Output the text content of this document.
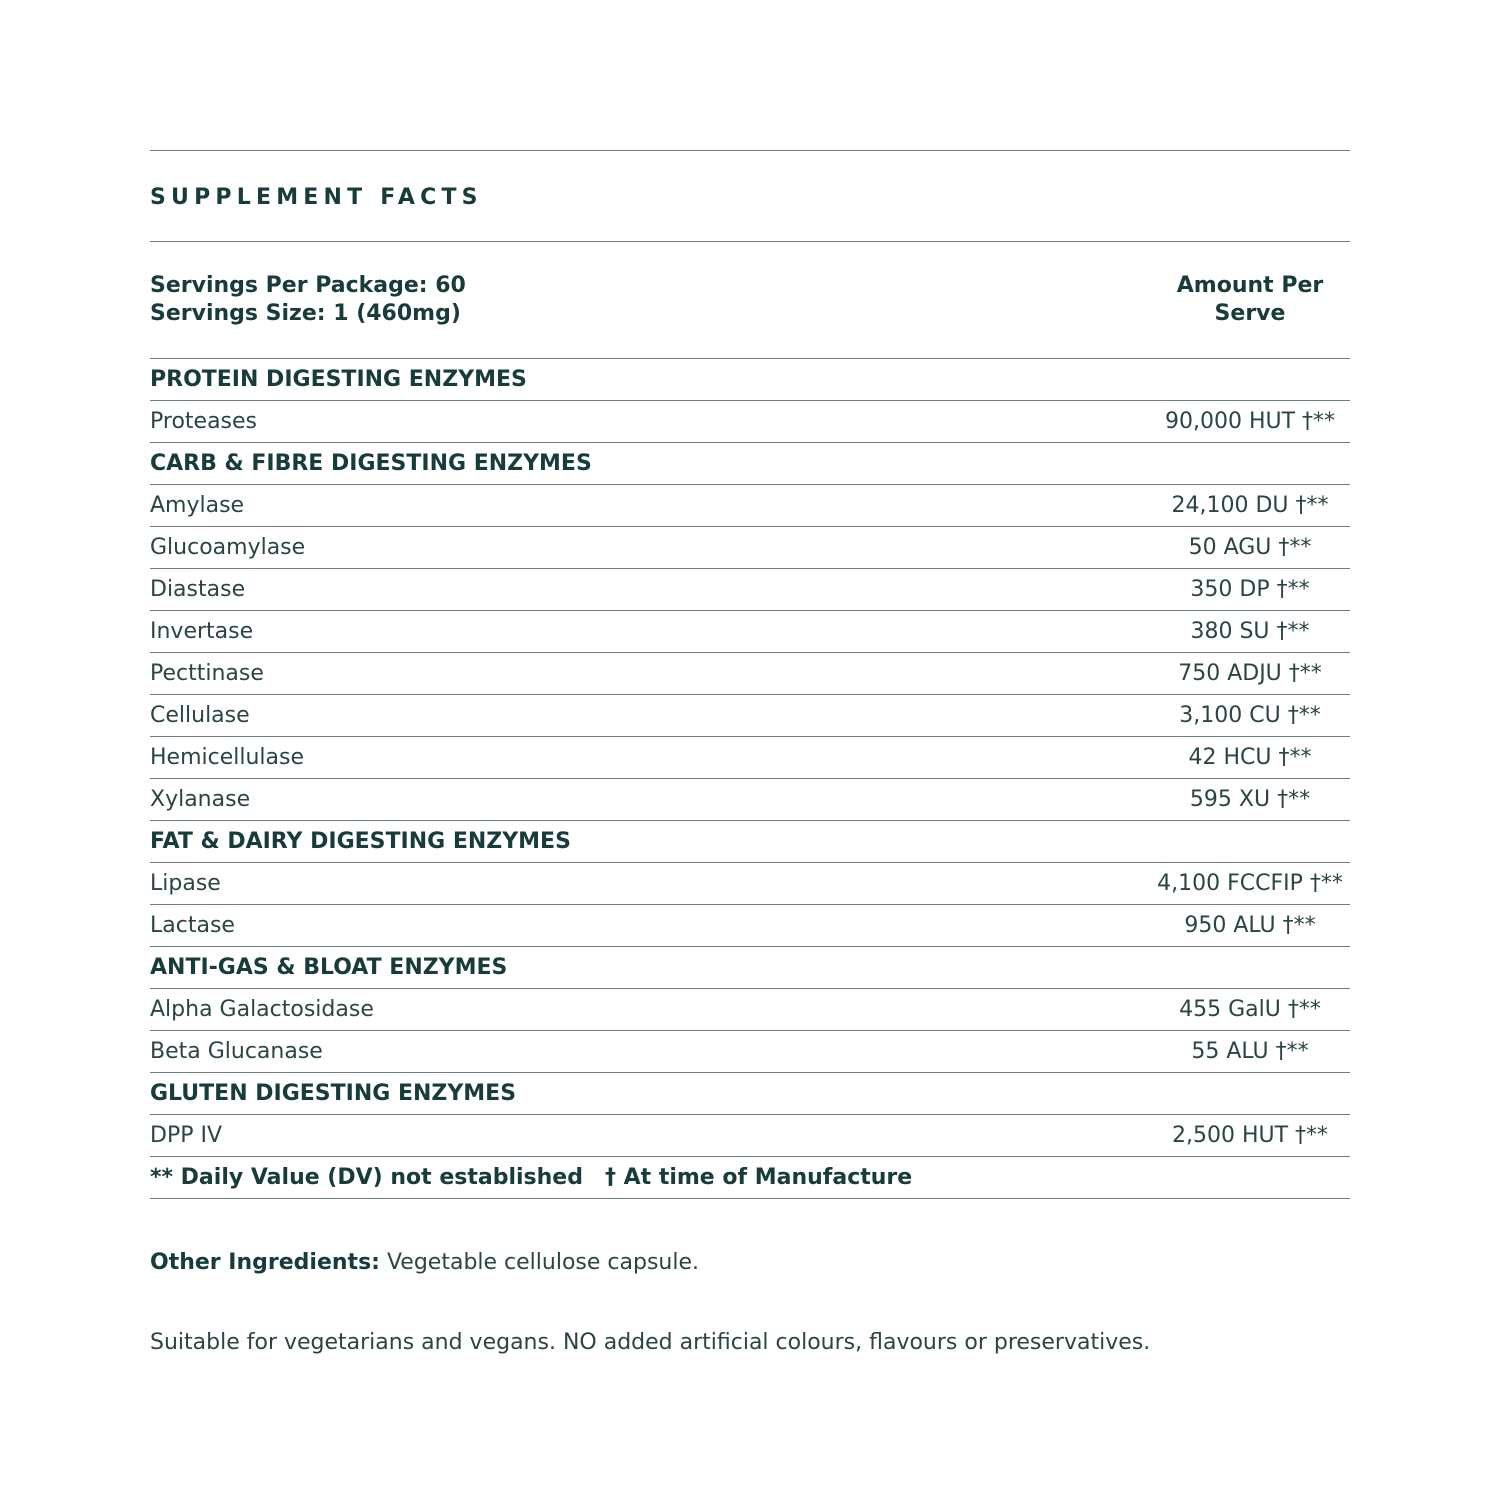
SUPPLEMENT FACTS
Servings Per Package: 60
Servings Size: 1 (460mg)
Amount Per
Serve
PROTEIN DIGESTING ENZYMES
Proteases	90,000 HUT †**
CARB & FIBRE DIGESTING ENZYMES
Amylase	24,100 DU †**
Glucoamylase	50 AGU †**
Diastase	350 DP †**
Invertase	380 SU †**
Pecttinase	750 ADJU †**
Cellulase	3,100 CU †**
Hemicellulase	42 HCU †**
Xylanase	595 XU †**
FAT & DAIRY DIGESTING ENZYMES
Lipase	4,100 FCCFIP †**
Lactase	950 ALU †**
ANTI-GAS & BLOAT ENZYMES
Alpha Galactosidase	455 GalU †**
Beta Glucanase	55 ALU †**
GLUTEN DIGESTING ENZYMES
DPP IV	2,500 HUT †**
** Daily Value (DV) not established † At time of Manufacture
Other Ingredients: Vegetable cellulose capsule.
Suitable for vegetarians and vegans. NO added artificial colours, flavours or preservatives.
